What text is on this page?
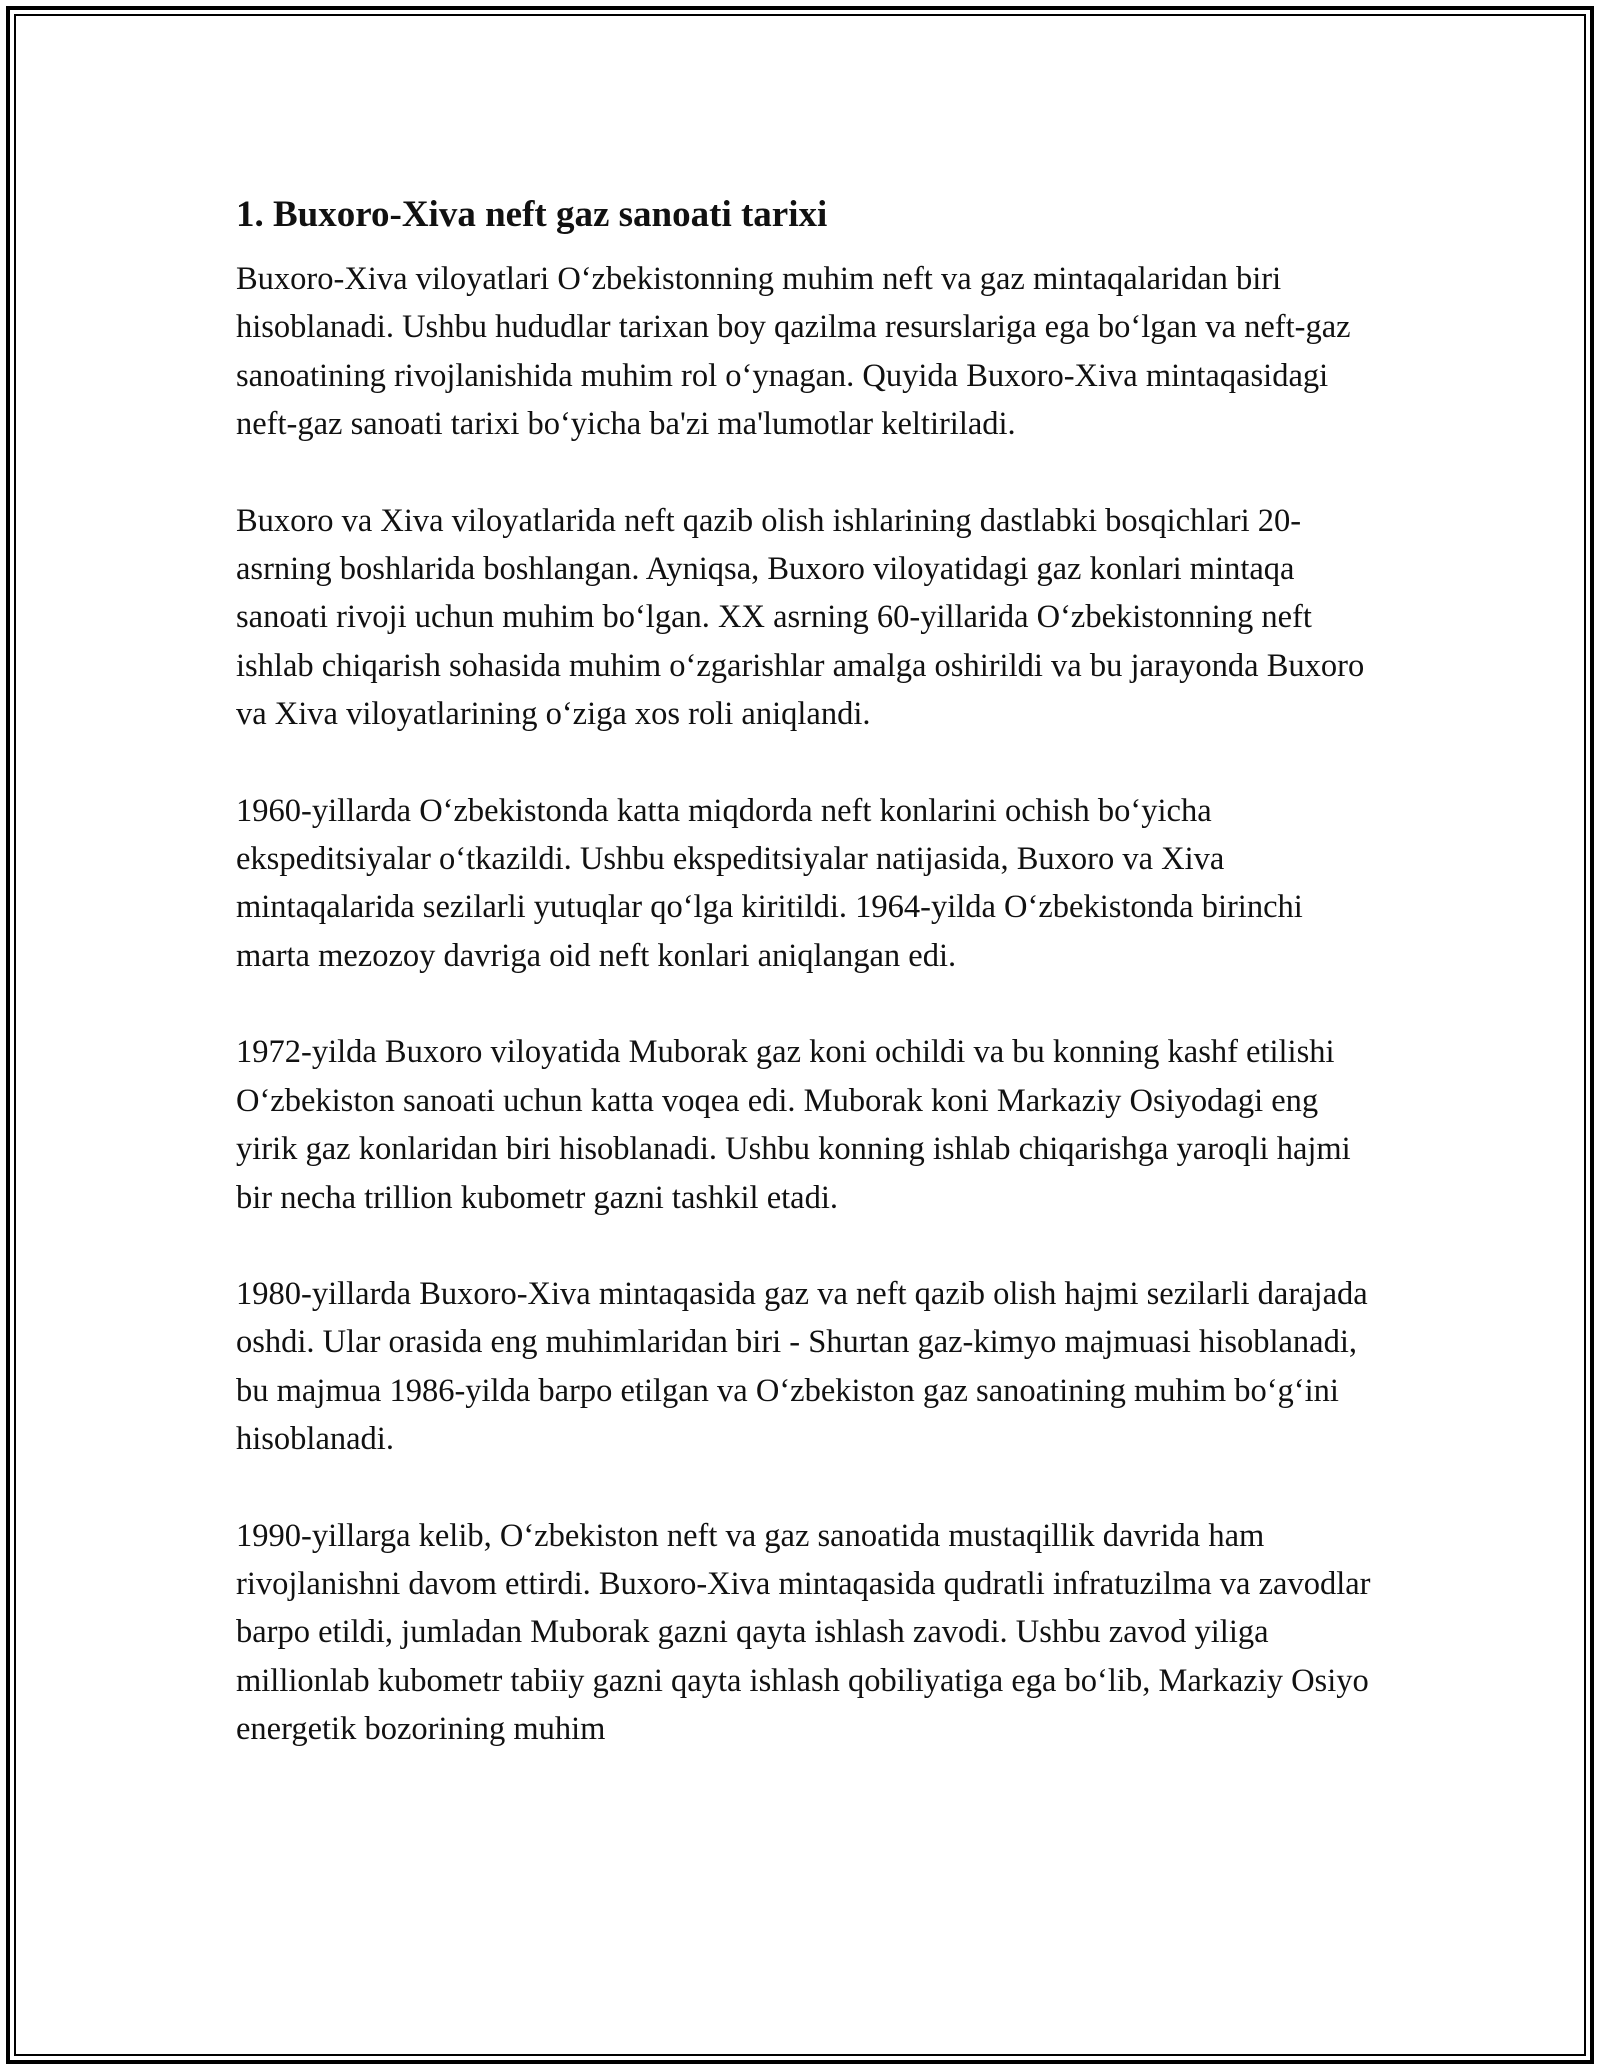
1. Buxoro-Xiva neft gaz sanoati tarixi

Buxoro-Xiva viloyatlari O‘zbekistonning muhim neft va gaz mintaqalaridan biri hisoblanadi. Ushbu hududlar tarixan boy qazilma resurslariga ega bo‘lgan va neft-gaz sanoatining rivojlanishida muhim rol o‘ynagan. Quyida Buxoro-Xiva mintaqasidagi neft-gaz sanoati tarixi bo‘yicha ba'zi ma'lumotlar keltiriladi.

Buxoro va Xiva viloyatlarida neft qazib olish ishlarining dastlabki bosqichlari 20-asrning boshlarida boshlangan. Ayniqsa, Buxoro viloyatidagi gaz konlari mintaqa sanoati rivoji uchun muhim bo‘lgan. XX asrning 60-yillarida O‘zbekistonning neft ishlab chiqarish sohasida muhim o‘zgarishlar amalga oshirildi va bu jarayonda Buxoro va Xiva viloyatlarining o‘ziga xos roli aniqlandi.

1960-yillarda O‘zbekistonda katta miqdorda neft konlarini ochish bo‘yicha ekspeditsiyalar o‘tkazildi. Ushbu ekspeditsiyalar natijasida, Buxoro va Xiva mintaqalarida sezilarli yutuqlar qo‘lga kiritildi. 1964-yilda O‘zbekistonda birinchi marta mezozoy davriga oid neft konlari aniqlangan edi.

1972-yilda Buxoro viloyatida Muborak gaz koni ochildi va bu konning kashf etilishi O‘zbekiston sanoati uchun katta voqea edi. Muborak koni Markaziy Osiyodagi eng yirik gaz konlaridan biri hisoblanadi. Ushbu konning ishlab chiqarishga yaroqli hajmi bir necha trillion kubometr gazni tashkil etadi.

1980-yillarda Buxoro-Xiva mintaqasida gaz va neft qazib olish hajmi sezilarli darajada oshdi. Ular orasida eng muhimlaridan biri - Shurtan gaz-kimyo majmuasi hisoblanadi, bu majmua 1986-yilda barpo etilgan va O‘zbekiston gaz sanoatining muhim bo‘g‘ini hisoblanadi.

1990-yillarga kelib, O‘zbekiston neft va gaz sanoatida mustaqillik davrida ham rivojlanishni davom ettirdi. Buxoro-Xiva mintaqasida qudratli infratuzilma va zavodlar barpo etildi, jumladan Muborak gazni qayta ishlash zavodi. Ushbu zavod yiliga millionlab kubometr tabiiy gazni qayta ishlash qobiliyatiga ega bo‘lib, Markaziy Osiyo energetik bozorining muhim
